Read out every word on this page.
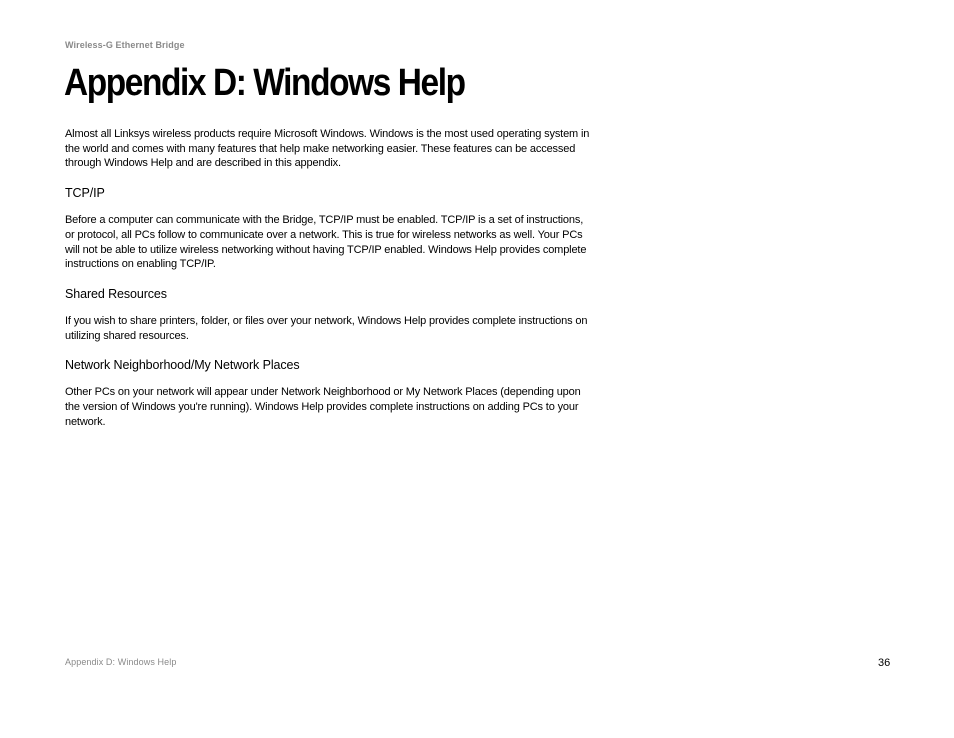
Wireless-G Ethernet Bridge
Appendix D: Windows Help

Almost all Linksys wireless products require Microsoft Windows. Windows is the most used operating system in the world and comes with many features that help make networking easier. These features can be accessed through Windows Help and are described in this appendix.

TCP/IP

Before a computer can communicate with the Bridge, TCP/IP must be enabled. TCP/IP is a set of instructions, or protocol, all PCs follow to communicate over a network. This is true for wireless networks as well. Your PCs will not be able to utilize wireless networking without having TCP/IP enabled. Windows Help provides complete instructions on enabling TCP/IP.

Shared Resources

If you wish to share printers, folder, or files over your network, Windows Help provides complete instructions on utilizing shared resources.

Network Neighborhood/My Network Places

Other PCs on your network will appear under Network Neighborhood or My Network Places (depending upon the version of Windows you're running). Windows Help provides complete instructions on adding PCs to your network.

Appendix D: Windows Help	36
